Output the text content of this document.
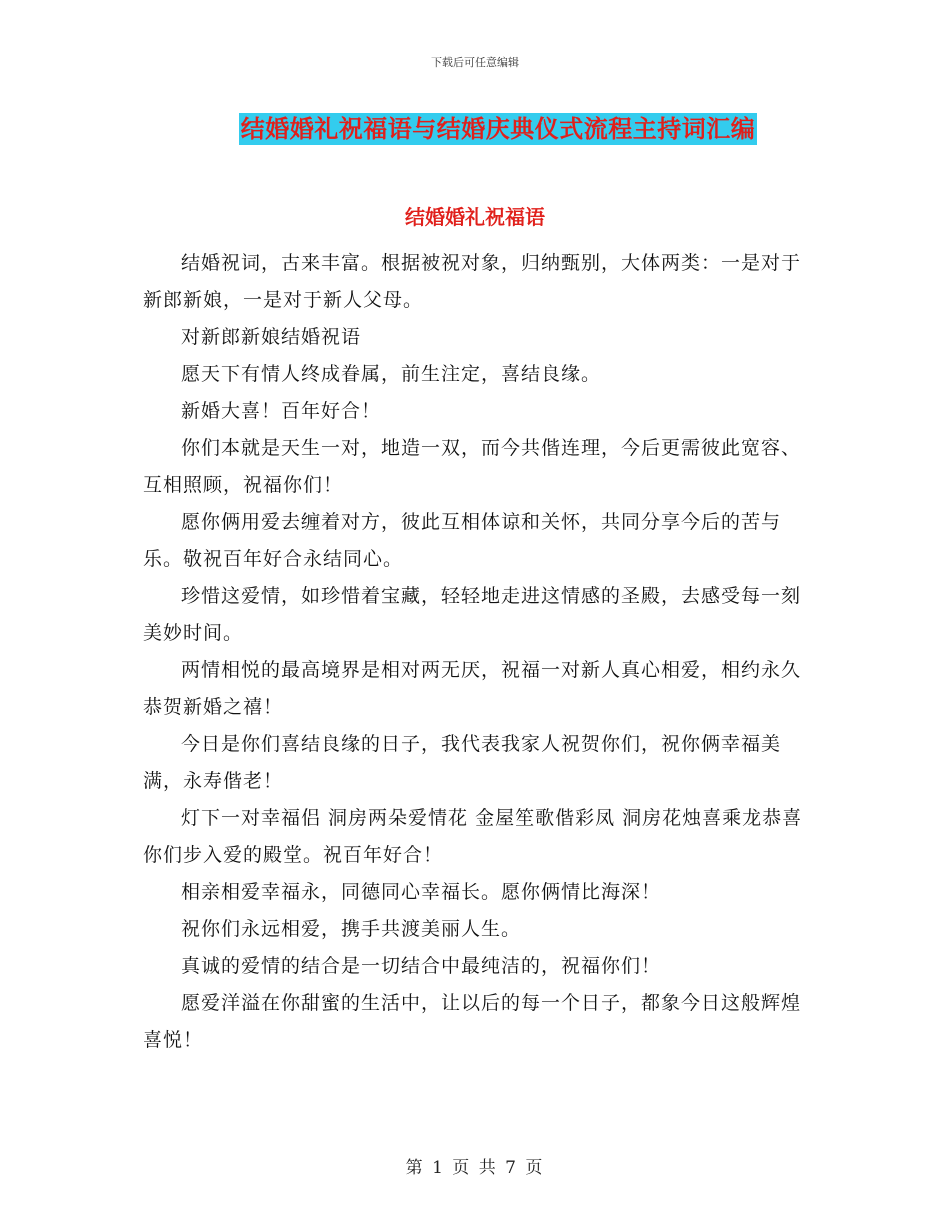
下载后可任意编辑
结婚婚礼祝福语与结婚庆典仪式流程主持词汇编
结婚婚礼祝福语

结婚祝词，古来丰富。根据被祝对象，归纳甄别，大体两类：一是对于新郎新娘，一是对于新人父母。

对新郎新娘结婚祝语

愿天下有情人终成眷属，前生注定，喜结良缘。

新婚大喜！百年好合！

你们本就是天生一对，地造一双，而今共偕连理，今后更需彼此宽容、互相照顾，祝福你们！

愿你俩用爱去缠着对方，彼此互相体谅和关怀，共同分享今后的苦与乐。敬祝百年好合永结同心。

珍惜这爱情，如珍惜着宝藏，轻轻地走进这情感的圣殿，去感受每一刻美妙时间。

两情相悦的最高境界是相对两无厌，祝福一对新人真心相爱，相约永久恭贺新婚之禧！

今日是你们喜结良缘的日子，我代表我家人祝贺你们，祝你俩幸福美满，永寿偕老！

灯下一对幸福侣 洞房两朵爱情花 金屋笙歌偕彩凤 洞房花烛喜乘龙恭喜你们步入爱的殿堂。祝百年好合！

相亲相爱幸福永，同德同心幸福长。愿你俩情比海深！

祝你们永远相爱，携手共渡美丽人生。

真诚的爱情的结合是一切结合中最纯洁的，祝福你们！

愿爱洋溢在你甜蜜的生活中，让以后的每一个日子，都象今日这般辉煌喜悦！

第 1 页 共 7 页
